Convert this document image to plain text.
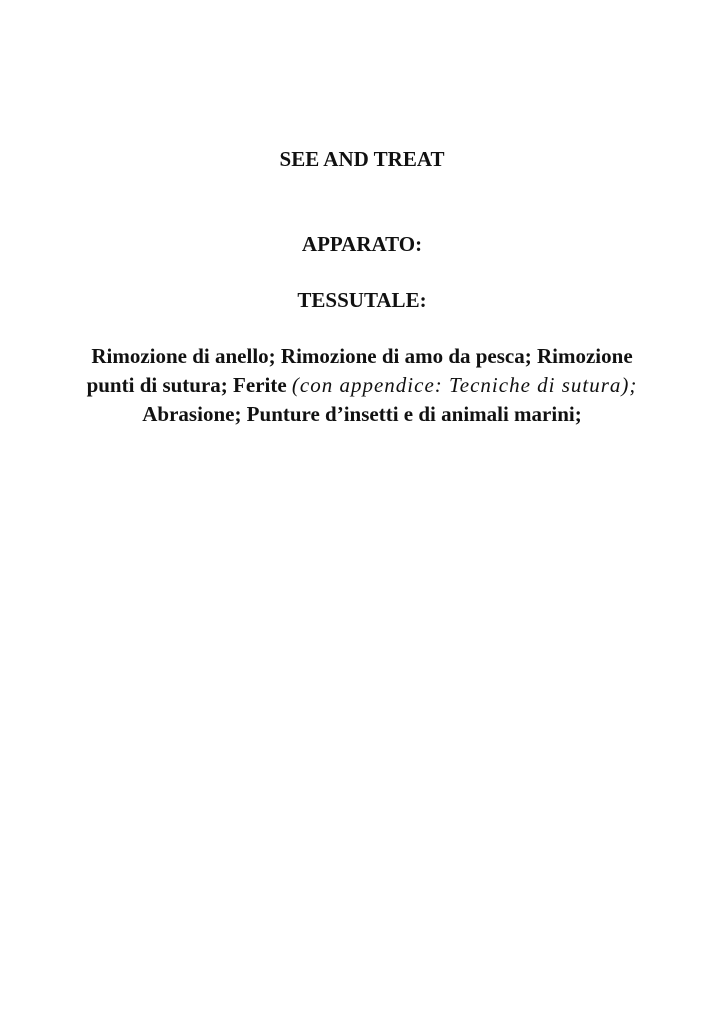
SEE AND TREAT
APPARATO:
TESSUTALE:

Rimozione di anello; Rimozione di amo da pesca; Rimozione punti di sutura; Ferite (con appendice: Tecniche di sutura); Abrasione; Punture d’insetti e di animali marini;
